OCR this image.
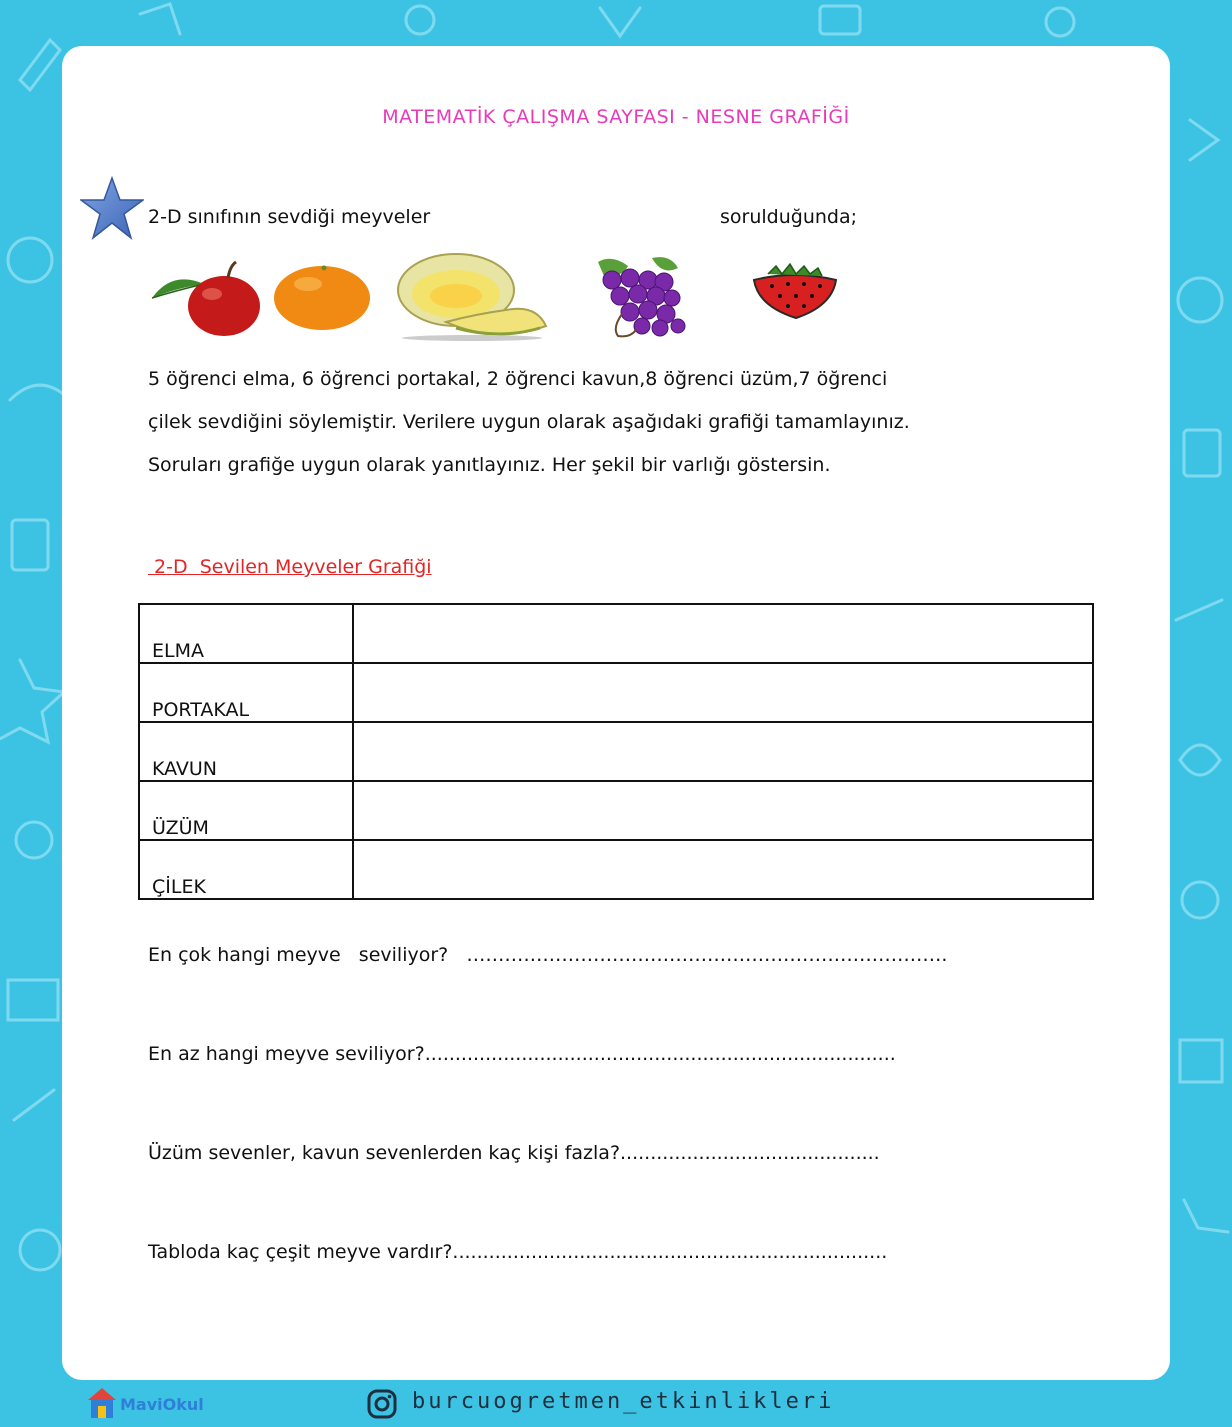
MATEMATİK ÇALIŞMA SAYFASI - NESNE GRAFİĞİ
2-D sınıfının sevdiği meyveler	sorulduğunda;
5 öğrenci elma, 6 öğrenci portakal, 2 öğrenci kavun,8 öğrenci üzüm,7 öğrenci
çilek sevdiğini söylemiştir. Verilere uygun olarak aşağıdaki grafiği tamamlayınız.
Soruları grafiğe uygun olarak yanıtlayınız. Her şekil bir varlığı göstersin.
2-D  Sevilen Meyveler Grafiği
ELMA	
PORTAKAL	
KAVUN	
ÜZÜM	
ÇİLEK	
En çok hangi meyve   seviliyor?   ………………………………………………………………….
En az hangi meyve seviliyor?..............................................................................
Üzüm sevenler, kavun sevenlerden kaç kişi fazla?...........................................
Tabloda kaç çeşit meyve vardır?........................................................................
MaviOkul	burcuogretmen_etkinlikleri
